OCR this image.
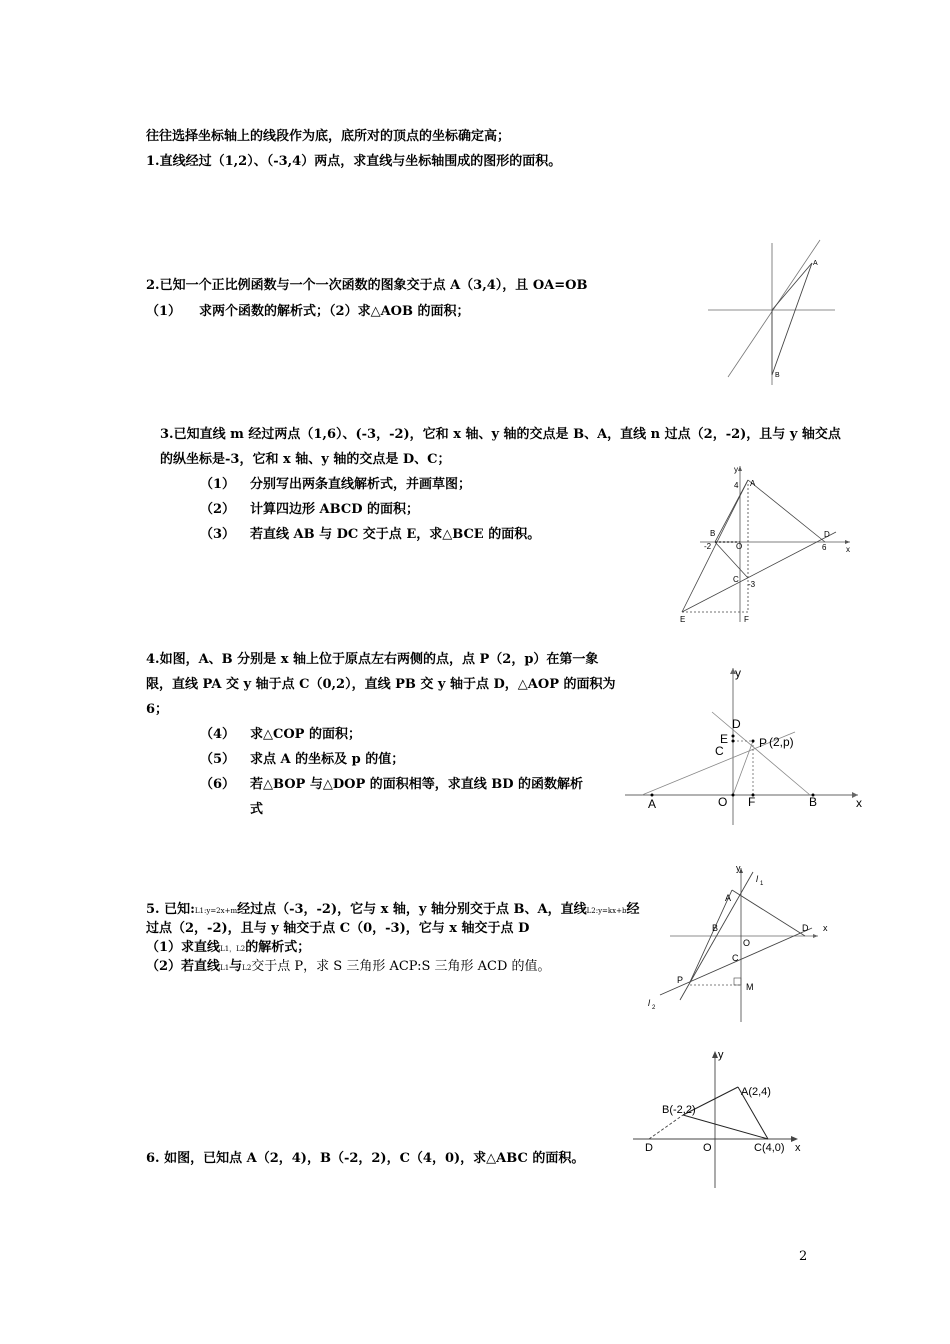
往往选择坐标轴上的线段作为底，底所对的顶点的坐标确定高；
1.直线经过（1,2）、（-3,4）两点，求直线与坐标轴围成的图形的面积。
2.已知一个正比例函数与一个一次函数的图象交于点 A（3,4），且 OA=OB
（1） 求两个函数的解析式；（2）求△AOB 的面积；
A
B
3.已知直线 m 经过两点（1,6）、(-3，-2)，它和 x 轴、y 轴的交点是 B、A，直线 n 过点（2，-2)，且与 y 轴交点
的纵坐标是-3，它和 x 轴、y 轴的交点是 D、C；
（1） 分别写出两条直线解析式，并画草图；
（2） 计算四边形 ABCD 的面积；
（3） 若直线 AB 与 DC 交于点 E，求△BCE 的面积。
y
x
4 A
B
-2	O
D
6
C
-3
E	F
4.如图，A、B 分别是 x 轴上位于原点左右两侧的点，点 P（2，p）在第一象
限，直线 PA 交 y 轴于点 C（0,2），直线 PB 交 y 轴于点 D，△AOP 的面积为
6；
（4） 求△COP 的面积；
（5） 求点 A 的坐标及 p 的值；
（6） 若△BOP 与△DOP 的面积相等，求直线 BD 的函数解析
式
y
x
D
E
C
P (2,p)
A	O F	B
5. 已知:L1:y=2x+m经过点（-3，-2)，它与 x 轴，y 轴分别交于点 B、A，直线L2:y=kx+b经
过点（2，-2)，且与 y 轴交于点 C（0，-3)，它与 x 轴交于点 D
（1）求直线L1，L2的解析式；
（2）若直线L1与L2交于点 P，求 S 三角形 ACP:S 三角形 ACD 的值。
y
l 1
A
B
O
D x
C
P
M
l 2
6. 如图，已知点 A（2，4)，B（-2，2)，C（4，0)，求△ABC 的面积。
y
A(2,4)
B(-2,2)
D	O	C(4,0) x
2
